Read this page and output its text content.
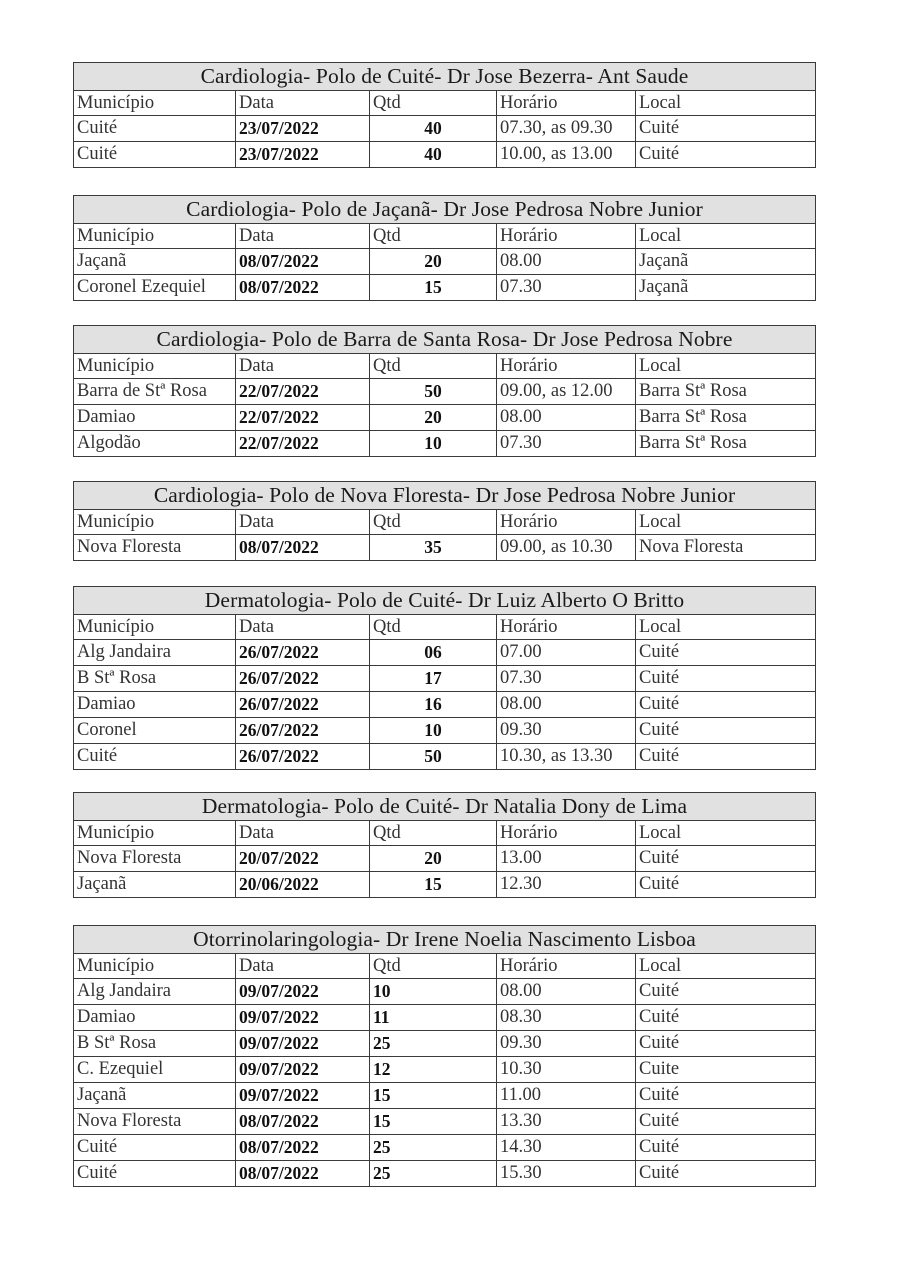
Cardiologia- Polo de Cuité- Dr Jose Bezerra- Ant Saude				
Município	Data	Qtd	Horário	Local
Cuité	23/07/2022	40	07.30, as 09.30	Cuité
Cuité	23/07/2022	40	10.00, as 13.00	Cuité
Cardiologia- Polo de Jaçanã- Dr Jose Pedrosa Nobre Junior				
Município	Data	Qtd	Horário	Local
Jaçanã	08/07/2022	20	08.00	Jaçanã
Coronel Ezequiel	08/07/2022	15	07.30	Jaçanã
Cardiologia- Polo de Barra de Santa Rosa- Dr Jose Pedrosa Nobre				
Município	Data	Qtd	Horário	Local
Barra de Stª Rosa	22/07/2022	50	09.00, as 12.00	Barra Stª Rosa
Damiao	22/07/2022	20	08.00	Barra Stª Rosa
Algodão	22/07/2022	10	07.30	Barra Stª Rosa
Cardiologia- Polo de Nova Floresta- Dr Jose Pedrosa Nobre Junior				
Município	Data	Qtd	Horário	Local
Nova Floresta	08/07/2022	35	09.00, as 10.30	Nova Floresta
Dermatologia- Polo de Cuité- Dr Luiz Alberto O Britto				
Município	Data	Qtd	Horário	Local
Alg Jandaira	26/07/2022	06	07.00	Cuité
B Stª Rosa	26/07/2022	17	07.30	Cuité
Damiao	26/07/2022	16	08.00	Cuité
Coronel	26/07/2022	10	09.30	Cuité
Cuité	26/07/2022	50	10.30, as 13.30	Cuité
Dermatologia- Polo de Cuité- Dr Natalia Dony de Lima				
Município	Data	Qtd	Horário	Local
Nova Floresta	20/07/2022	20	13.00	Cuité
Jaçanã	20/06/2022	15	12.30	Cuité
Otorrinolaringologia- Dr Irene Noelia Nascimento Lisboa				
Município	Data	Qtd	Horário	Local
Alg Jandaira	09/07/2022	10	08.00	Cuité
Damiao	09/07/2022	11	08.30	Cuité
B Stª Rosa	09/07/2022	25	09.30	Cuité
C. Ezequiel	09/07/2022	12	10.30	Cuite
Jaçanã	09/07/2022	15	11.00	Cuité
Nova Floresta	08/07/2022	15	13.30	Cuité
Cuité	08/07/2022	25	14.30	Cuité
Cuité	08/07/2022	25	15.30	Cuité
